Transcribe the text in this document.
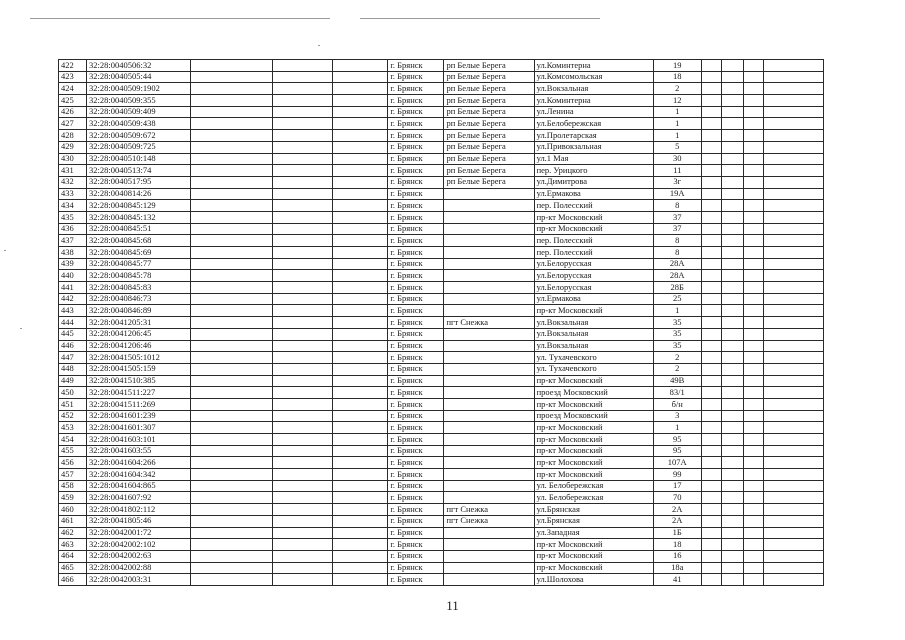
422	32:28:0040506:32				г. Брянск	рп Белые Берега	ул.Коминтерна	19				
423	32:28:0040505:44				г. Брянск	рп Белые Берега	ул.Комсомольская	18				
424	32:28:0040509:1902				г. Брянск	рп Белые Берега	ул.Вокзальная	2				
425	32:28:0040509:355				г. Брянск	рп Белые Берега	ул.Коминтерна	12				
426	32:28:0040509:409				г. Брянск	рп Белые Берега	ул.Ленина	1				
427	32:28:0040509:438				г. Брянск	рп Белые Берега	ул.Белобережская	1				
428	32:28:0040509:672				г. Брянск	рп Белые Берега	ул.Пролетарская	1				
429	32:28:0040509:725				г. Брянск	рп Белые Берега	ул.Привокзальная	5				
430	32:28:0040510:148				г. Брянск	рп Белые Берега	ул.1 Мая	30				
431	32:28:0040513:74				г. Брянск	рп Белые Берега	пер. Урицкого	11				
432	32:28:0040517:95				г. Брянск	рп Белые Берега	ул.Димитрова	3г				
433	32:28:0040814:26				г. Брянск		ул.Ермакова	19А				
434	32:28:0040845:129				г. Брянск		пер. Полесский	8				
435	32:28:0040845:132				г. Брянск		пр-кт Московский	37				
436	32:28:0040845:51				г. Брянск		пр-кт Московский	37				
437	32:28:0040845:68				г. Брянск		пер. Полесский	8				
438	32:28:0040845:69				г. Брянск		пер. Полесский	8				
439	32:28:0040845:77				г. Брянск		ул.Белорусская	28А				
440	32:28:0040845:78				г. Брянск		ул.Белорусская	28А				
441	32:28:0040845:83				г. Брянск		ул.Белорусская	28Б				
442	32:28:0040846:73				г. Брянск		ул.Ермакова	25				
443	32:28:0040846:89				г. Брянск		пр-кт Московский	1				
444	32:28:0041205:31				г. Брянск	пгт Снежка	ул.Вокзальная	35				
445	32:28:0041206:45				г. Брянск		ул.Вокзальная	35				
446	32:28:0041206:46				г. Брянск		ул.Вокзальная	35				
447	32:28:0041505:1012				г. Брянск		ул. Тухачевского	2				
448	32:28:0041505:159				г. Брянск		ул. Тухачевского	2				
449	32:28:0041510:385				г. Брянск		пр-кт Московский	49В				
450	32:28:0041511:227				г. Брянск		проезд Московский	83/1				
451	32:28:0041511:269				г. Брянск		пр-кт Московский	б/н				
452	32:28:0041601:239				г. Брянск		проезд Московский	3				
453	32:28:0041601:307				г. Брянск		пр-кт Московский	1				
454	32:28:0041603:101				г. Брянск		пр-кт Московский	95				
455	32:28:0041603:55				г. Брянск		пр-кт Московский	95				
456	32:28:0041604:266				г. Брянск		пр-кт Московский	107А				
457	32:28:0041604:342				г. Брянск		пр-кт Московский	99				
458	32:28:0041604:865				г. Брянск		ул. Белобережская	17				
459	32:28:0041607:92				г. Брянск		ул. Белобережская	70				
460	32:28:0041802:112				г. Брянск	пгт Снежка	ул.Брянская	2А				
461	32:28:0041805:46				г. Брянск	пгт Снежка	ул.Брянская	2А				
462	32:28:0042001:72				г. Брянск		ул.Западная	1Б				
463	32:28:0042002:102				г. Брянск		пр-кт Московский	18				
464	32:28:0042002:63				г. Брянск		пр-кт Московский	16				
465	32:28:0042002:88				г. Брянск		пр-кт Московский	18а				
466	32:28:0042003:31				г. Брянск		ул.Шолохова	41				
11
